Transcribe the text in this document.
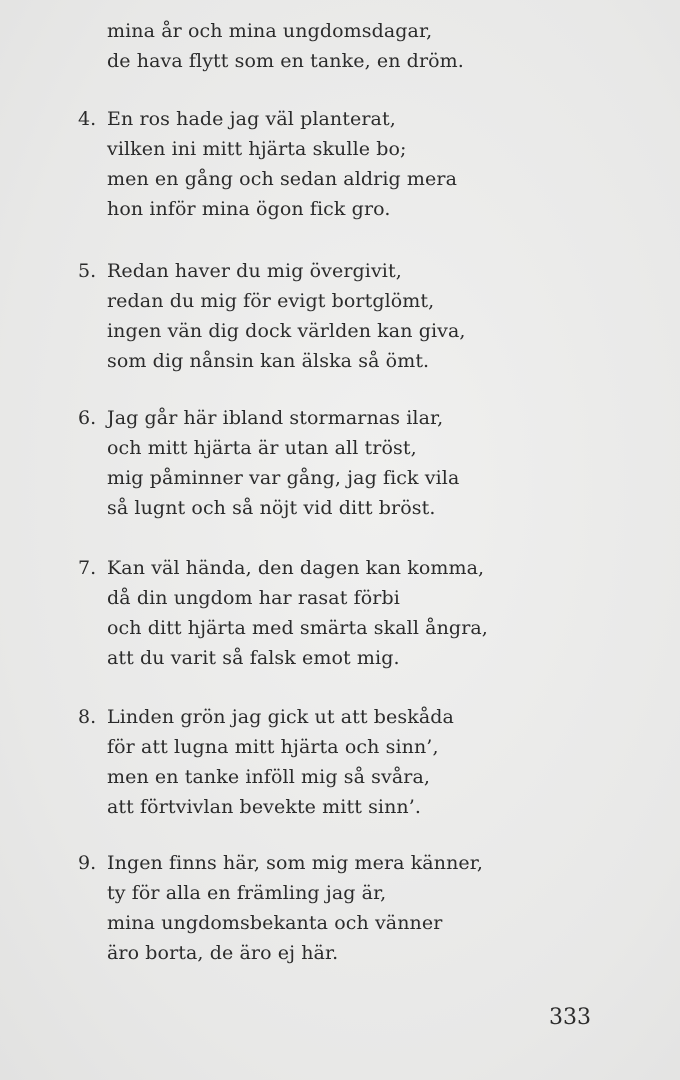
mina år och mina ungdomsdagar,
de hava flytt som en tanke, en dröm.
4. En ros hade jag väl planterat,
vilken ini mitt hjärta skulle bo;
men en gång och sedan aldrig mera
hon inför mina ögon fick gro.
5. Redan haver du mig övergivit,
redan du mig för evigt bortglömt,
ingen vän dig dock världen kan giva,
som dig nånsin kan älska så ömt.
6. Jag går här ibland stormarnas ilar,
och mitt hjärta är utan all tröst,
mig påminner var gång, jag fick vila
så lugnt och så nöjt vid ditt bröst.
7. Kan väl hända, den dagen kan komma,
då din ungdom har rasat förbi
och ditt hjärta med smärta skall ångra,
att du varit så falsk emot mig.
8. Linden grön jag gick ut att beskåda
för att lugna mitt hjärta och sinn’,
men en tanke inföll mig så svåra,
att förtvivlan bevekte mitt sinn’.
9. Ingen finns här, som mig mera känner,
ty för alla en främling jag är,
mina ungdomsbekanta och vänner
äro borta, de äro ej här.
333
